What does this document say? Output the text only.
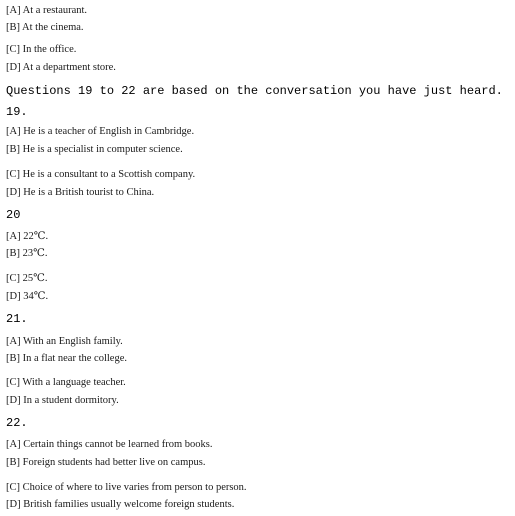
[A] At a restaurant.
[B] At the cinema.
[C] In the office.
[D] At a department store.
Questions 19 to 22 are based on the conversation you have just heard.
19.
[A] He is a teacher of English in Cambridge.
[B] He is a specialist in computer science.
[C] He is a consultant to a Scottish company.
[D] He is a British tourist to China.
20
[A] 22℃.
[B] 23℃.
[C] 25℃.
[D] 34℃.
21.
[A] With an English family.
[B] In a flat near the college.
[C] With a language teacher.
[D] In a student dormitory.
22.
[A] Certain things cannot be learned from books.
[B] Foreign students had better live on campus.
[C] Choice of where to live varies from person to person.
[D] British families usually welcome foreign students.
